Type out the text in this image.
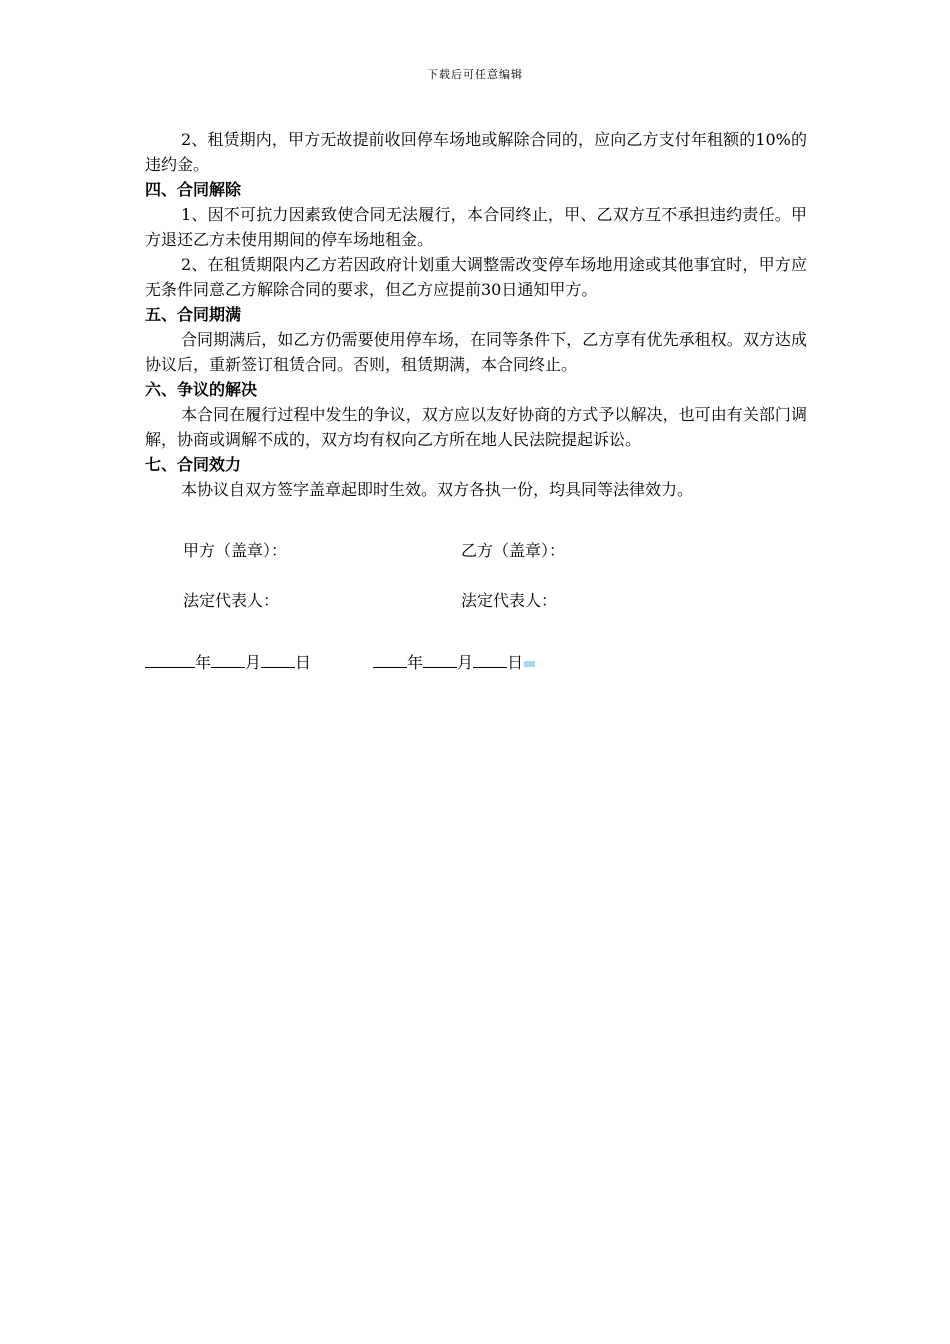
下载后可任意编辑

2、租赁期内，甲方无故提前收回停车场地或解除合同的，应向乙方支付年租额的10%的违约金。

四、合同解除

1、因不可抗力因素致使合同无法履行，本合同终止，甲、乙双方互不承担违约责任。甲方退还乙方未使用期间的停车场地租金。

2、在租赁期限内乙方若因政府计划重大调整需改变停车场地用途或其他事宜时，甲方应无条件同意乙方解除合同的要求，但乙方应提前30日通知甲方。

五、合同期满

合同期满后，如乙方仍需要使用停车场，在同等条件下，乙方享有优先承租权。双方达成协议后，重新签订租赁合同。否则，租赁期满，本合同终止。

六、争议的解决

本合同在履行过程中发生的争议，双方应以友好协商的方式予以解决，也可由有关部门调解，协商或调解不成的，双方均有权向乙方所在地人民法院提起诉讼。

七、合同效力

本协议自双方签字盖章起即时生效。双方各执一份，均具同等法律效力。

甲方（盖章）：	乙方（盖章）：
法定代表人：	法定代表人：
年 月 日	年 月 日
